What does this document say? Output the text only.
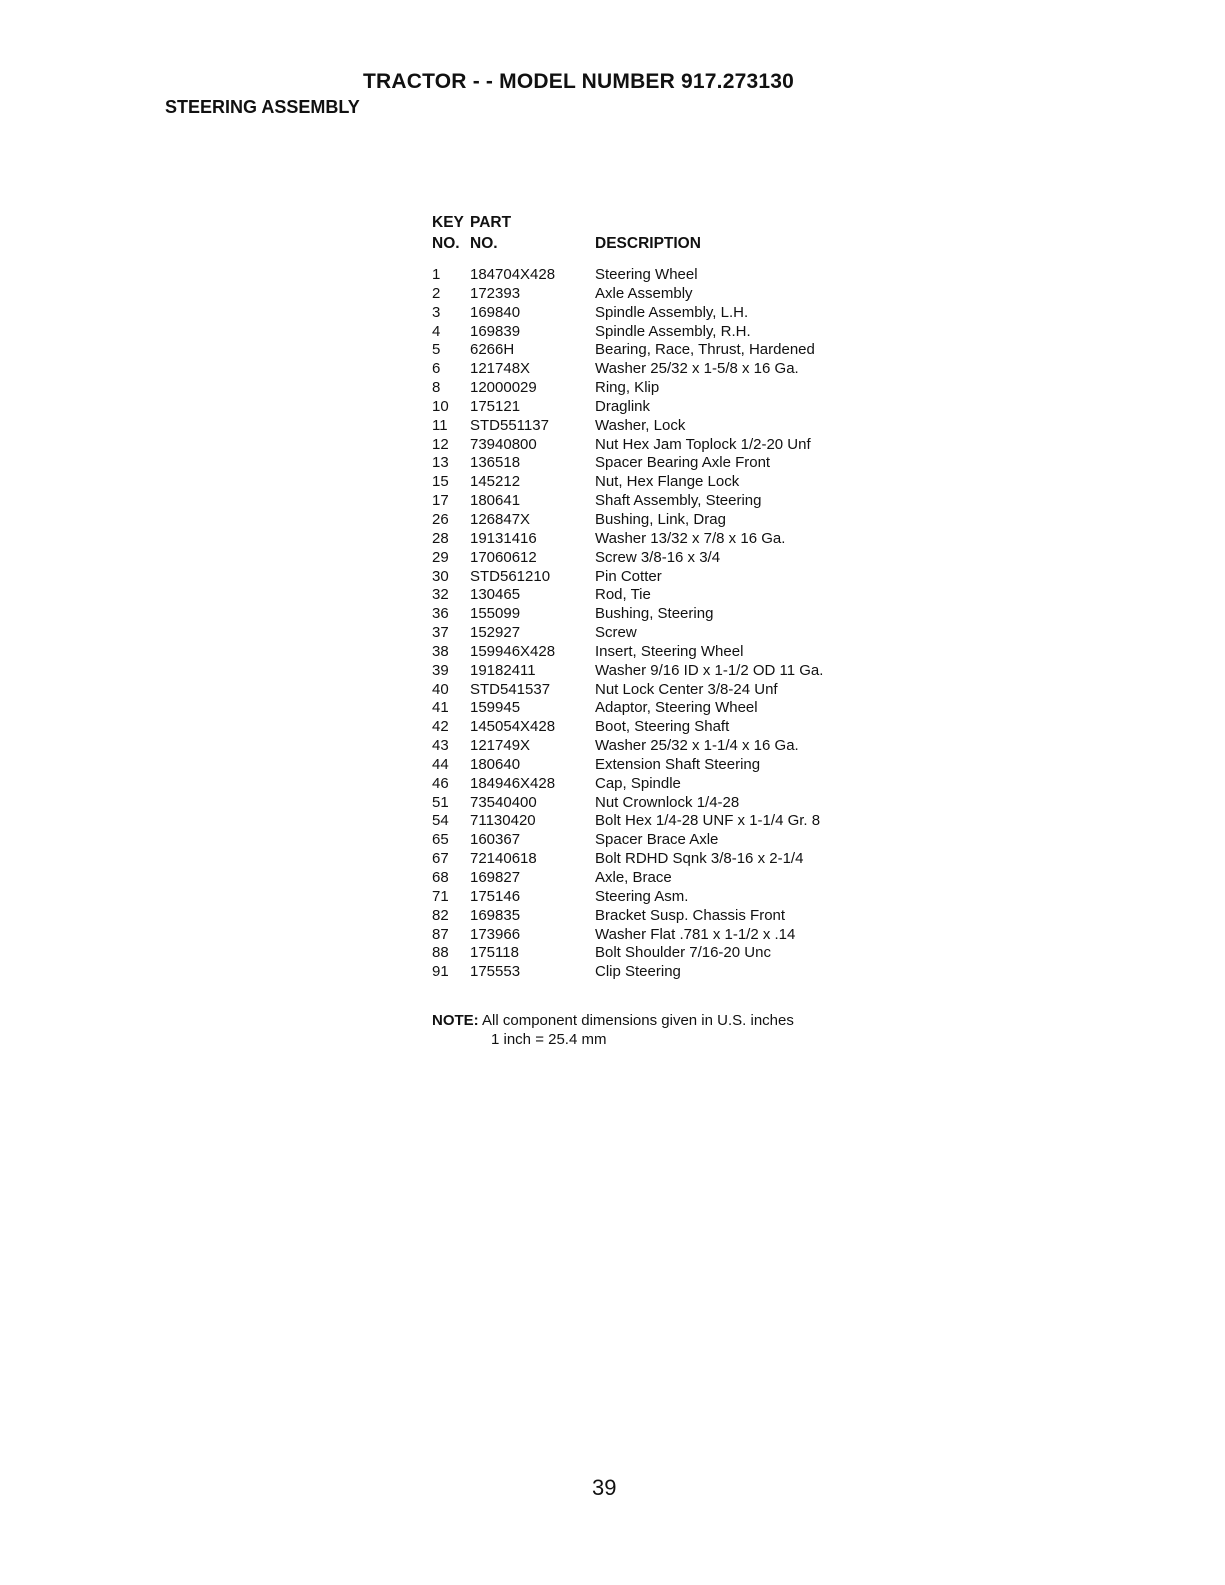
TRACTOR - - MODEL NUMBER 917.273130
STEERING ASSEMBLY
KEY PART
NO. NO.	DESCRIPTION
1 184704X428	Steering Wheel
2 172393	Axle Assembly
3 169840	Spindle Assembly, L.H.
4 169839	Spindle Assembly, R.H.
5 6266H	Bearing, Race, Thrust, Hardened
6 121748X	Washer 25/32 x 1-5/8 x 16 Ga.
8 12000029	Ring, Klip
10 175121	Draglink
11 STD551137	Washer, Lock
12 73940800	Nut Hex Jam Toplock 1/2-20 Unf
13 136518	Spacer Bearing Axle Front
15 145212	Nut, Hex Flange Lock
17 180641	Shaft Assembly, Steering
26 126847X	Bushing, Link, Drag
28 19131416	Washer 13/32 x 7/8 x 16 Ga.
29 17060612	Screw 3/8-16 x 3/4
30 STD561210	Pin Cotter
32 130465	Rod, Tie
36 155099	Bushing, Steering
37 152927	Screw
38 159946X428	Insert, Steering Wheel
39 19182411	Washer 9/16 ID x 1-1/2 OD 11 Ga.
40 STD541537	Nut Lock Center 3/8-24 Unf
41 159945	Adaptor, Steering Wheel
42 145054X428	Boot, Steering Shaft
43 121749X	Washer 25/32 x 1-1/4 x 16 Ga.
44 180640	Extension Shaft Steering
46 184946X428	Cap, Spindle
51 73540400	Nut Crownlock 1/4-28
54 71130420	Bolt Hex 1/4-28 UNF x 1-1/4 Gr. 8
65 160367	Spacer Brace Axle
67 72140618	Bolt RDHD Sqnk 3/8-16 x 2-1/4
68 169827	Axle, Brace
71 175146	Steering Asm.
82 169835	Bracket Susp. Chassis Front
87 173966	Washer Flat .781 x 1-1/2 x .14
88 175118	Bolt Shoulder 7/16-20 Unc
91 175553	Clip Steering
NOTE: All component dimensions given in U.S. inches
1 inch = 25.4 mm
39
